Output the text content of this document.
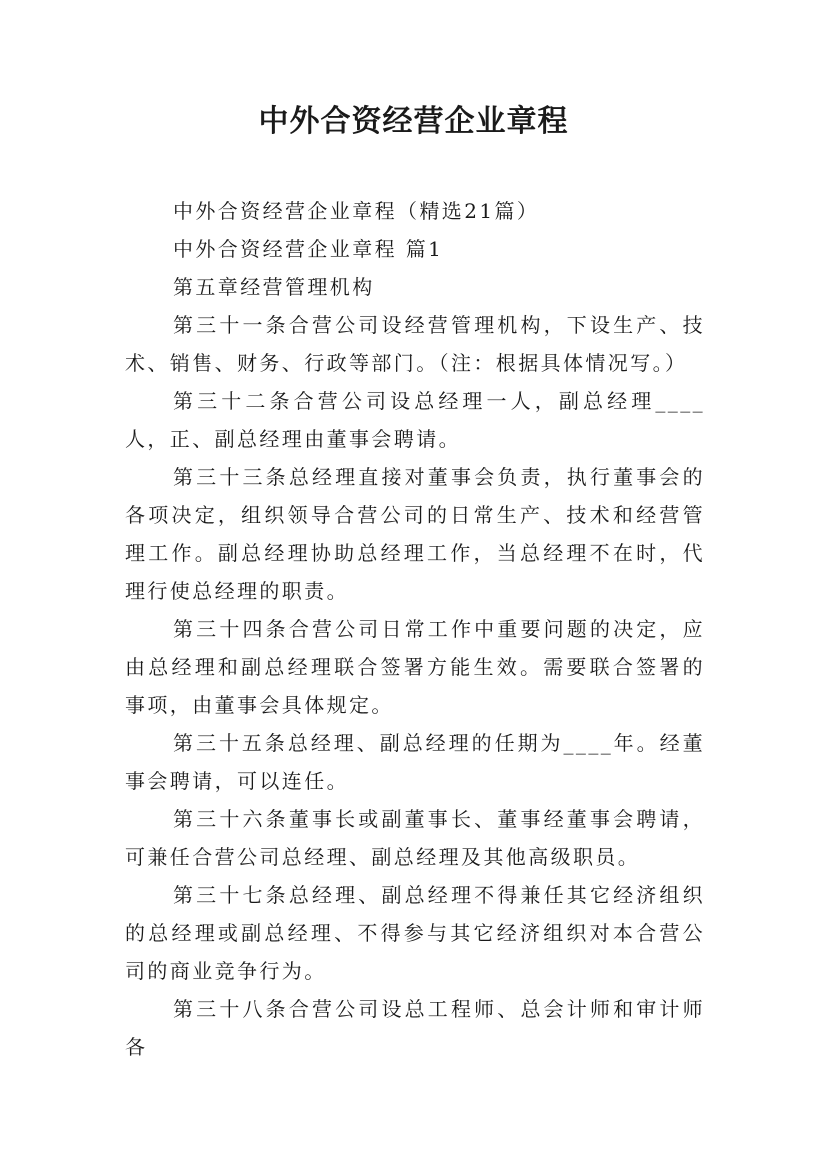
中外合资经营企业章程

中外合资经营企业章程（精选21篇）

中外合资经营企业章程 篇1

第五章经营管理机构

第三十一条合营公司设经营管理机构，下设生产、技术、销售、财务、行政等部门。（注：根据具体情况写。）

第三十二条合营公司设总经理一人，副总经理____人，正、副总经理由董事会聘请。

第三十三条总经理直接对董事会负责，执行董事会的各项决定，组织领导合营公司的日常生产、技术和经营管理工作。副总经理协助总经理工作，当总经理不在时，代理行使总经理的职责。

第三十四条合营公司日常工作中重要问题的决定，应由总经理和副总经理联合签署方能生效。需要联合签署的事项，由董事会具体规定。

第三十五条总经理、副总经理的任期为____年。经董事会聘请，可以连任。

第三十六条董事长或副董事长、董事经董事会聘请，可兼任合营公司总经理、副总经理及其他高级职员。

第三十七条总经理、副总经理不得兼任其它经济组织的总经理或副总经理、不得参与其它经济组织对本合营公司的商业竞争行为。

第三十八条合营公司设总工程师、总会计师和审计师各
